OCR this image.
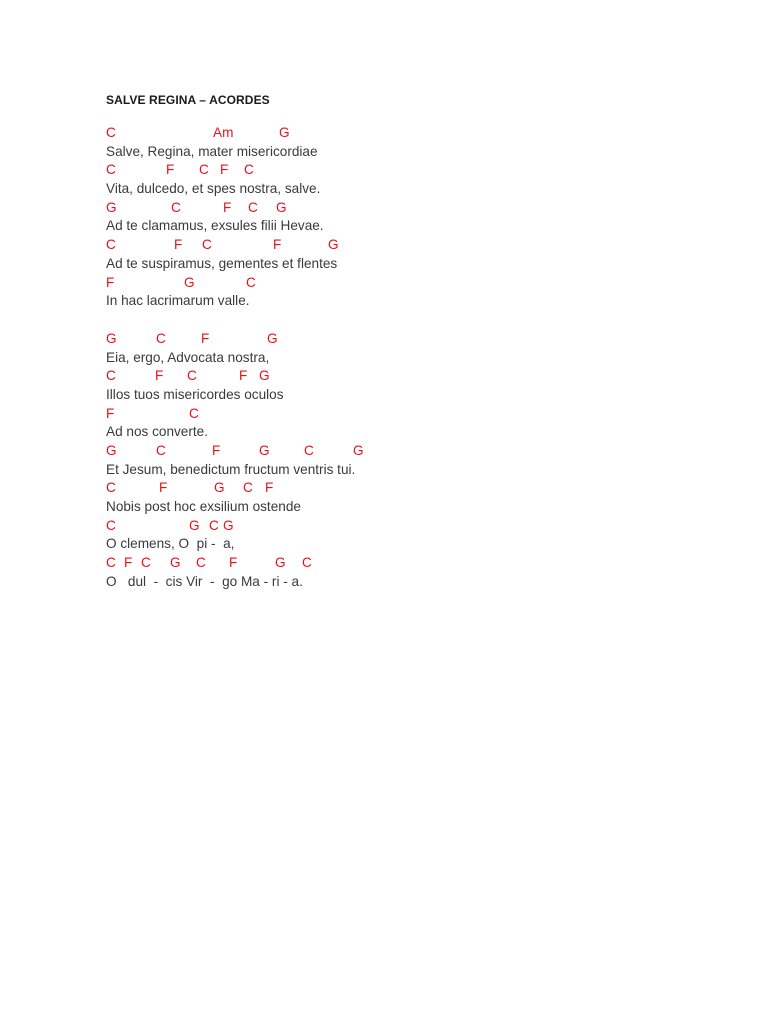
SALVE REGINA – ACORDES
C	Am	G
Salve, Regina, mater misericordiae
C	F C F C
Vita, dulcedo, et spes nostra, salve.
G	C	F C G
Ad te clamamus, exsules filii Hevae.
C	F C	F	G
Ad te suspiramus, gementes et flentes
F	G	C
In hac lacrimarum valle.
G	C	F	G
Eia, ergo, Advocata nostra,
C	F C	F G
Illos tuos misericordes oculos
F	C
Ad nos converte.
G	C	F	G	C	G
Et Jesum, benedictum fructum ventris tui.
C	F	G C F
Nobis post hoc exsilium ostende
C	G C G
O clemens, O  pi -  a,
C F C G C F	G C
O   dul  -  cis Vir  -  go Ma - ri - a.
